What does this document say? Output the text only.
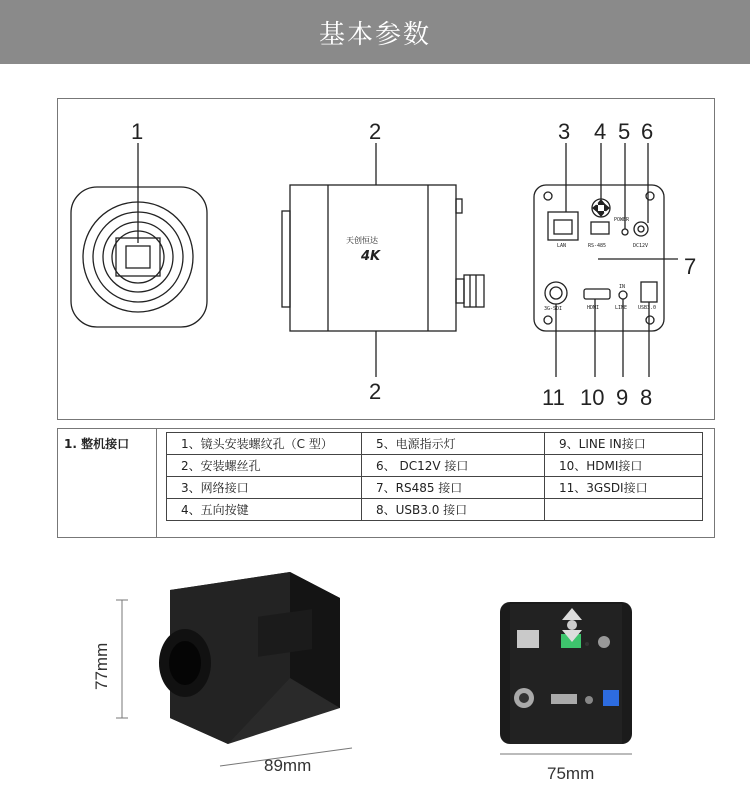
基本参数
1	2
2
3 4 5 6
7
11 10 9 8
天创恒达
4K
LAN
POWER
DC12V
RS-485
3G-SDI	HDMI
IN
LINE USB3.0
1. 整机接口	1、镜头安装螺纹孔（C 型）	5、电源指示灯	9、LINE IN接口
2、安装螺丝孔	6、 DC12V 接口	10、HDMI接口
3、网络接口	7、RS485 接口	11、3GSDI接口
4、五向按键	8、USB3.0 接口	
77mm
89mm	75mm
